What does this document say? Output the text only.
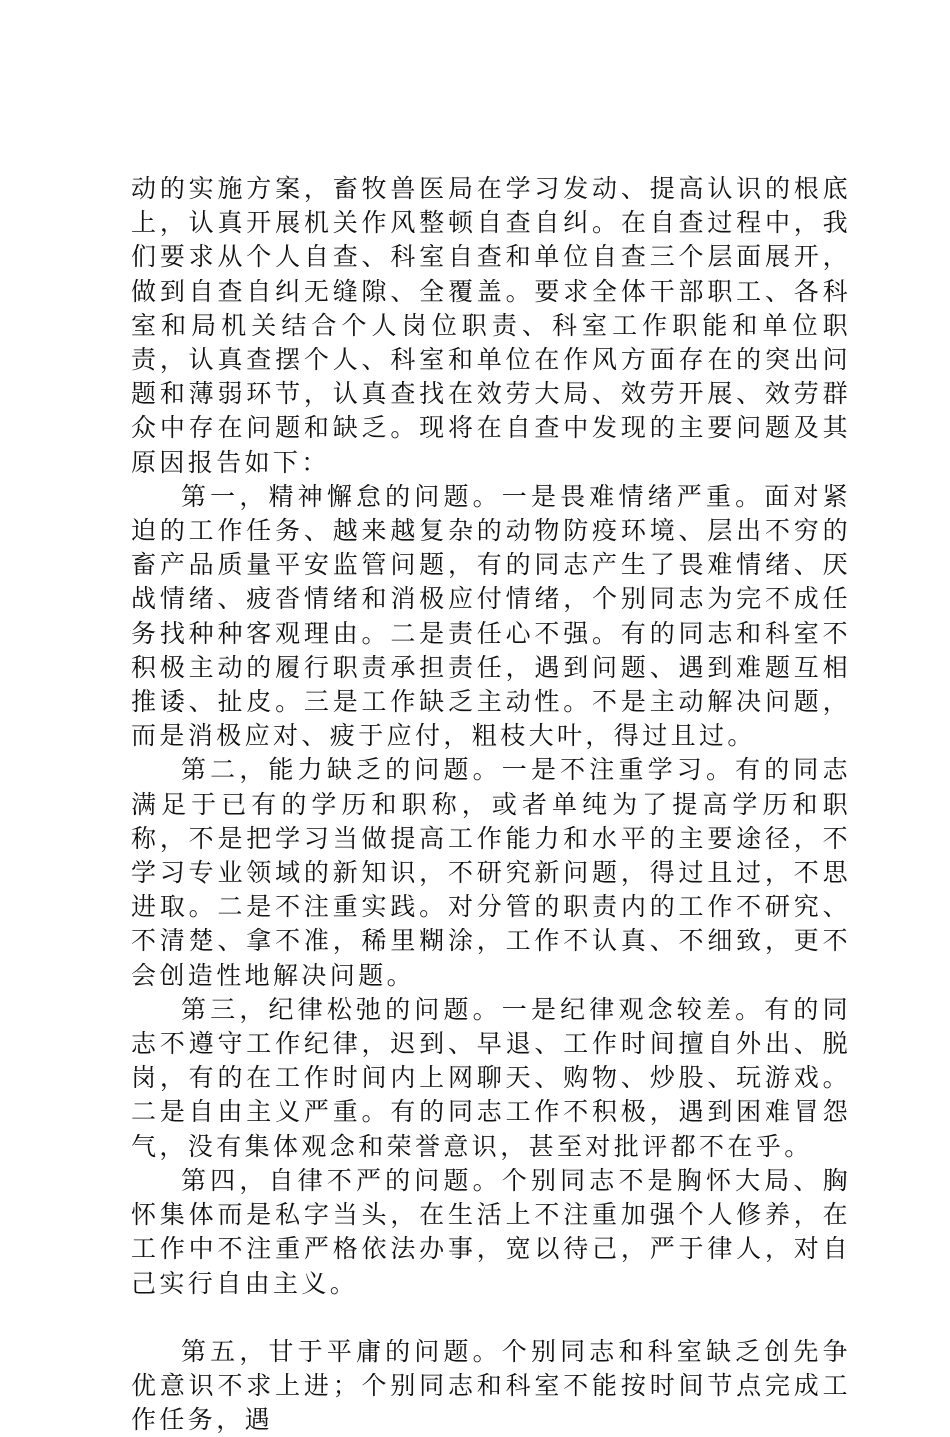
动的实施方案，畜牧兽医局在学习发动、提高认识的根底上，认真开展机关作风整顿自查自纠。在自查过程中，我们要求从个人自查、科室自查和单位自查三个层面展开，做到自查自纠无缝隙、全覆盖。要求全体干部职工、各科室和局机关结合个人岗位职责、科室工作职能和单位职责，认真查摆个人、科室和单位在作风方面存在的突出问题和薄弱环节，认真查找在效劳大局、效劳开展、效劳群众中存在问题和缺乏。现将在自查中发现的主要问题及其原因报告如下：

第一，精神懈怠的问题。一是畏难情绪严重。面对紧迫的工作任务、越来越复杂的动物防疫环境、层出不穷的畜产品质量平安监管问题，有的同志产生了畏难情绪、厌战情绪、疲沓情绪和消极应付情绪，个别同志为完不成任务找种种客观理由。二是责任心不强。有的同志和科室不积极主动的履行职责承担责任，遇到问题、遇到难题互相推诿、扯皮。三是工作缺乏主动性。不是主动解决问题，而是消极应对、疲于应付，粗枝大叶，得过且过。

第二，能力缺乏的问题。一是不注重学习。有的同志满足于已有的学历和职称，或者单纯为了提高学历和职称，不是把学习当做提高工作能力和水平的主要途径，不学习专业领域的新知识，不研究新问题，得过且过，不思进取。二是不注重实践。对分管的职责内的工作不研究、不清楚、拿不准，稀里糊涂，工作不认真、不细致，更不会创造性地解决问题。

第三，纪律松弛的问题。一是纪律观念较差。有的同志不遵守工作纪律，迟到、早退、工作时间擅自外出、脱岗，有的在工作时间内上网聊天、购物、炒股、玩游戏。二是自由主义严重。有的同志工作不积极，遇到困难冒怨气，没有集体观念和荣誉意识，甚至对批评都不在乎。

第四，自律不严的问题。个别同志不是胸怀大局、胸怀集体而是私字当头，在生活上不注重加强个人修养，在工作中不注重严格依法办事，宽以待己，严于律人，对自己实行自由主义。

第五，甘于平庸的问题。个别同志和科室缺乏创先争优意识不求上进；个别同志和科室不能按时间节点完成工作任务，遇
